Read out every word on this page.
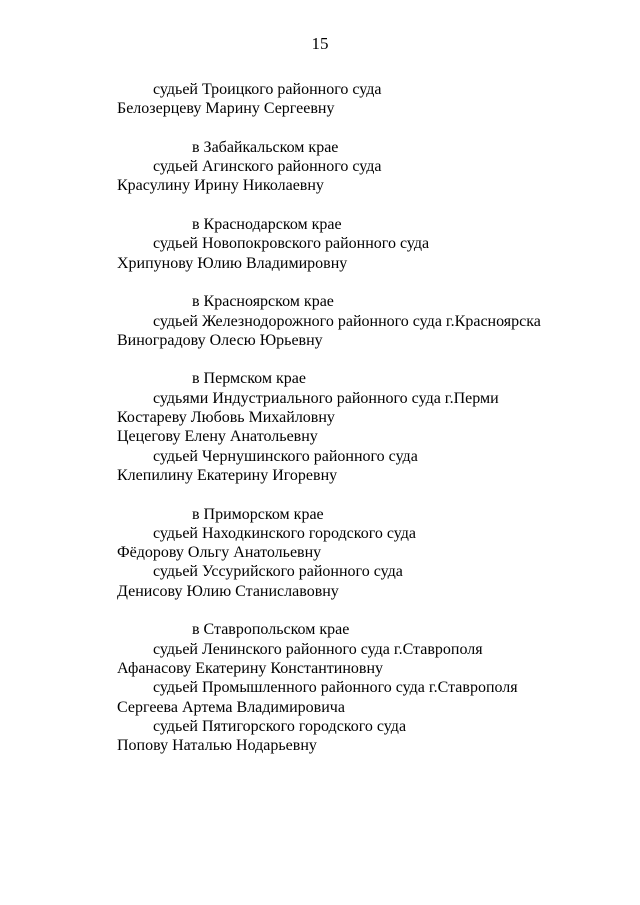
15
судьей Троицкого районного суда
Белозерцеву Марину Сергеевну
в Забайкальском крае
судьей Агинского районного суда
Красулину Ирину Николаевну
в Краснодарском крае
судьей Новопокровского районного суда
Хрипунову Юлию Владимировну
в Красноярском крае
судьей Железнодорожного районного суда г.Красноярска
Виноградову Олесю Юрьевну
в Пермском крае
судьями Индустриального районного суда г.Перми
Костареву Любовь Михайловну
Цецегову Елену Анатольевну
судьей Чернушинского районного суда
Клепилину Екатерину Игоревну
в Приморском крае
судьей Находкинского городского суда
Фёдорову Ольгу Анатольевну
судьей Уссурийского районного суда
Денисову Юлию Станиславовну
в Ставропольском крае
судьей Ленинского районного суда г.Ставрополя
Афанасову Екатерину Константиновну
судьей Промышленного районного суда г.Ставрополя
Сергеева Артема Владимировича
судьей Пятигорского городского суда
Попову Наталью Нодарьевну
